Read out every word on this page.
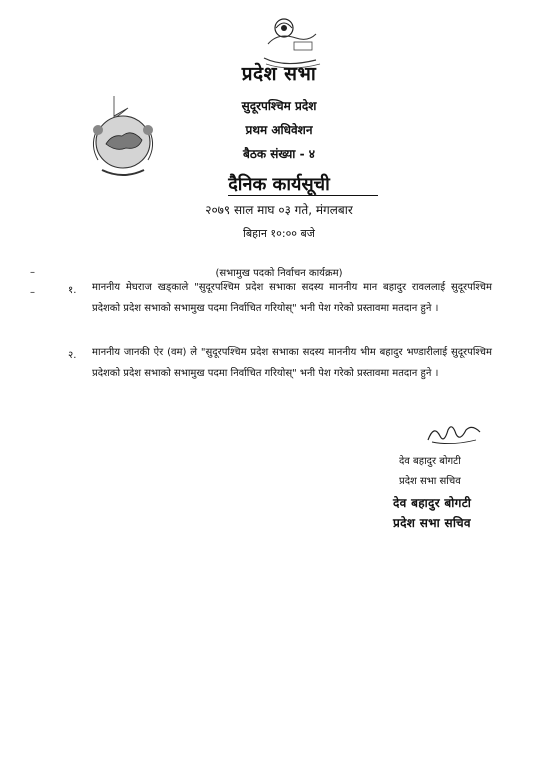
प्रदेश सभा
सुदूरपश्चिम प्रदेश
प्रथम अधिवेशन
बैठक संख्या - ४
दैनिक कार्यसूची
२०७९ साल माघ ०३ गते, मंगलबार
बिहान १०:०० बजे
–	(सभामुख पदको निर्वाचन कार्यक्रम)
–	१. माननीय मेघराज खड्काले "सुदूरपश्चिम प्रदेश सभाका सदस्य माननीय मान बहादुर रावललाई सुदूरपश्चिम प्रदेशको प्रदेश सभाको सभामुख पदमा निर्वाचित गरियोस्" भनी पेश गरेको प्रस्तावमा मतदान हुने ।
२. माननीय जानकी ऐर (वम) ले "सुदूरपश्चिम प्रदेश सभाका सदस्य माननीय भीम बहादुर भण्डारीलाई सुदूरपश्चिम प्रदेशको प्रदेश सभाको सभामुख पदमा निर्वाचित गरियोस्" भनी पेश गरेको प्रस्तावमा मतदान हुने ।
देव बहादुर बोगटी
प्रदेश सभा सचिव
देव बहादुर बोगटी
प्रदेश सभा सचिव
